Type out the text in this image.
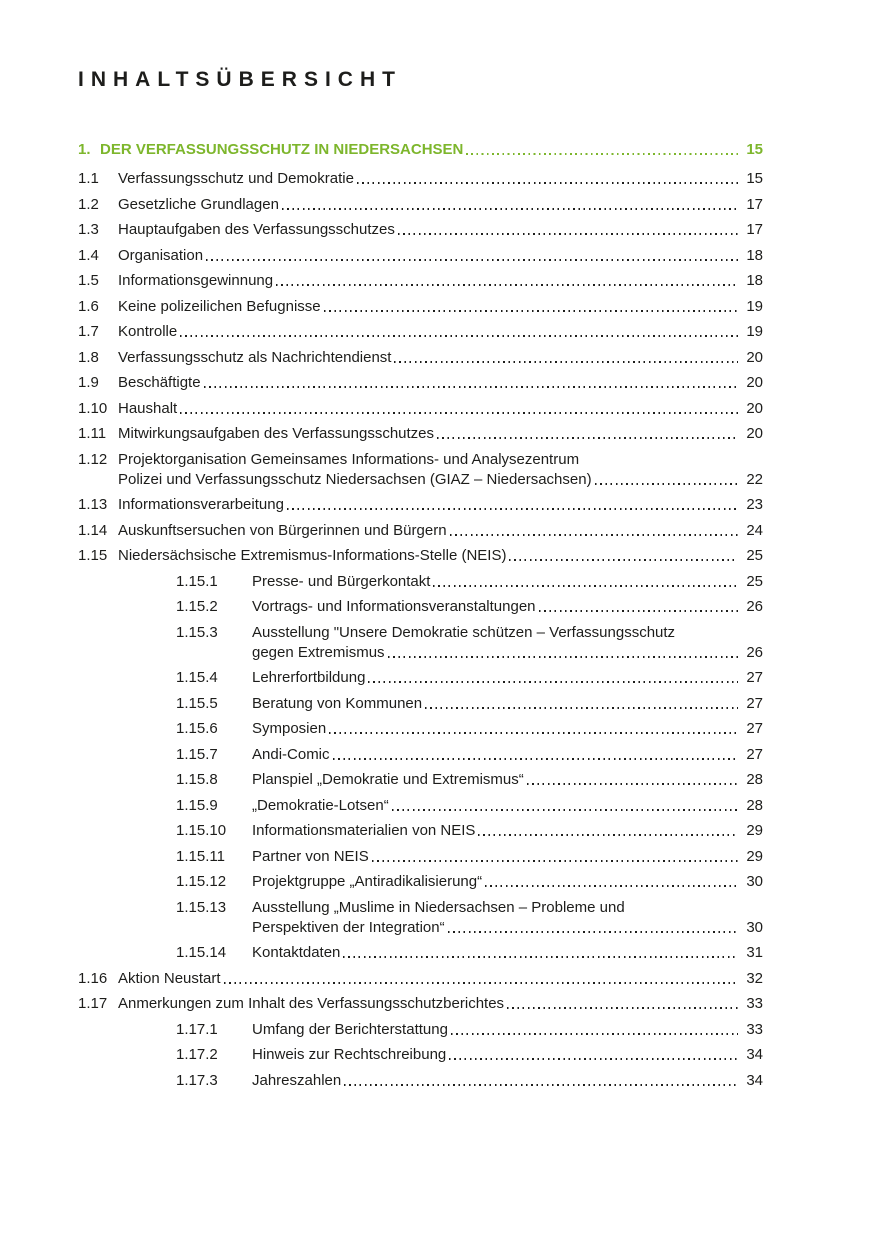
INHALTSÜBERSICHT
1. DER VERFASSUNGSSCHUTZ IN NIEDERSACHSEN	15
1.1	Verfassungsschutz und Demokratie	15
1.2	Gesetzliche Grundlagen	17
1.3	Hauptaufgaben des Verfassungsschutzes	17
1.4	Organisation	18
1.5	Informationsgewinnung	18
1.6	Keine polizeilichen Befugnisse	19
1.7	Kontrolle	19
1.8	Verfassungsschutz als Nachrichtendienst	20
1.9	Beschäftigte	20
1.10 Haushalt	20
1.11 Mitwirkungsaufgaben des Verfassungsschutzes	20
1.12 Projektorganisation Gemeinsames Informations- und Analysezentrum
Polizei und Verfassungsschutz Niedersachsen (GIAZ – Niedersachsen)	22
1.13 Informationsverarbeitung	23
1.14 Auskunftsersuchen von Bürgerinnen und Bürgern	24
1.15 Niedersächsische Extremismus-Informations-Stelle (NEIS)	25
1.15.1	Presse- und Bürgerkontakt	25
1.15.2	Vortrags- und Informationsveranstaltungen	26
1.15.3	Ausstellung "Unsere Demokratie schützen – Verfassungsschutz
gegen Extremismus	26
1.15.4	Lehrerfortbildung	27
1.15.5	Beratung von Kommunen	27
1.15.6	Symposien	27
1.15.7	Andi-Comic	27
1.15.8	Planspiel „Demokratie und Extremismus“	28
1.15.9	„Demokratie-Lotsen“	28
1.15.10	Informationsmaterialien von NEIS	29
1.15.11	Partner von NEIS	29
1.15.12	Projektgruppe „Antiradikalisierung“	30
1.15.13	Ausstellung „Muslime in Niedersachsen – Probleme und
Perspektiven der Integration“	30
1.15.14	Kontaktdaten	31
1.16 Aktion Neustart	32
1.17 Anmerkungen zum Inhalt des Verfassungsschutzberichtes	33
1.17.1	Umfang der Berichterstattung	33
1.17.2	Hinweis zur Rechtschreibung	34
1.17.3	Jahreszahlen	34
